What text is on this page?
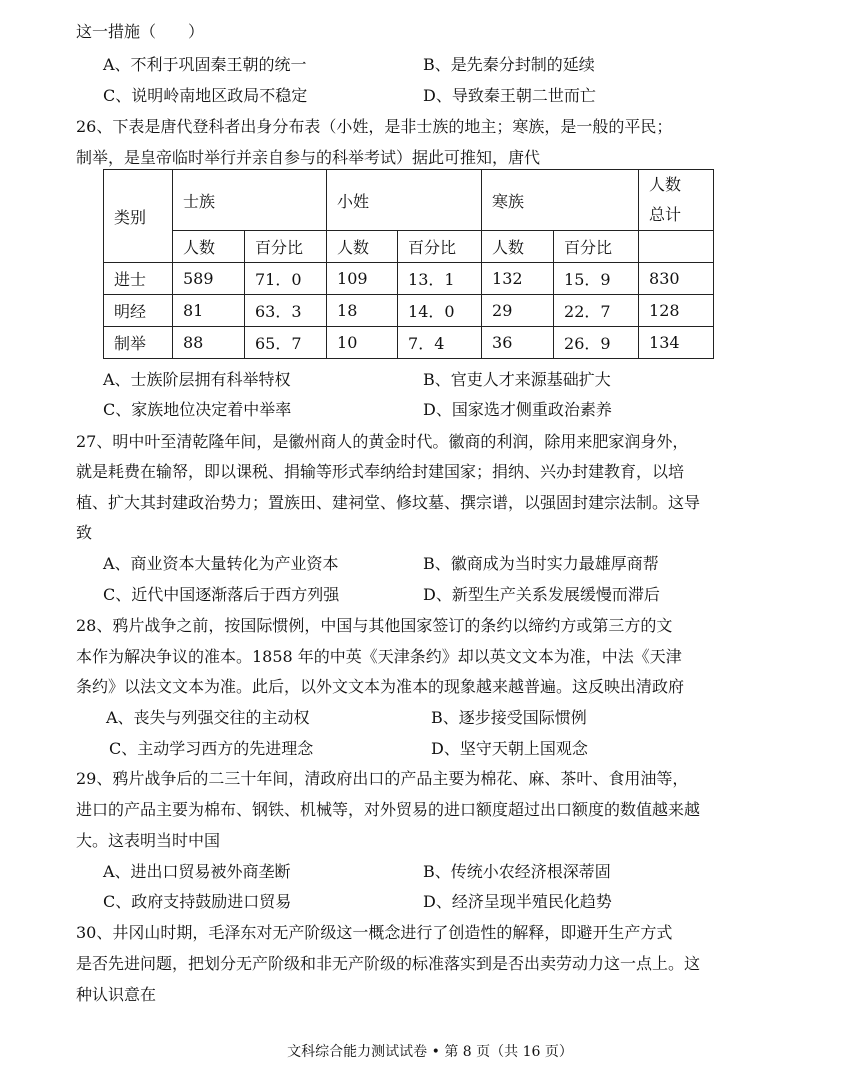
这一措施（　　）
A、不利于巩固秦王朝的统一	B、是先秦分封制的延续
C、说明岭南地区政局不稳定	D、导致秦王朝二世而亡
26、下表是唐代登科者出身分布表（小姓，是非士族的地主；寒族，是一般的平民；
制举，是皇帝临时举行并亲自参与的科举考试）据此可推知，唐代
类别	士族		小姓		寒族		人数
总计
	人数	百分比	人数	百分比	人数	百分比	
进士	589	71．0	109	13．1	132	15．9	830
明经	81	63．3	18	14．0	29	22．7	128
制举	88	65．7	10	7．4	36	26．9	134
A、士族阶层拥有科举特权	B、官吏人才来源基础扩大
C、家族地位决定着中举率	D、国家选才侧重政治素养
27、明中叶至清乾隆年间，是徽州商人的黄金时代。徽商的利润，除用来肥家润身外，
就是耗费在输帑，即以课税、捐输等形式奉纳给封建国家；捐纳、兴办封建教育，以培
植、扩大其封建政治势力；置族田、建祠堂、修坟墓、撰宗谱，以强固封建宗法制。这导
致
A、商业资本大量转化为产业资本	B、徽商成为当时实力最雄厚商帮
C、近代中国逐渐落后于西方列强	D、新型生产关系发展缓慢而滞后
28、鸦片战争之前，按国际惯例，中国与其他国家签订的条约以缔约方或第三方的文
本作为解决争议的准本。1858 年的中英《天津条约》却以英文文本为准，中法《天津
条约》以法文文本为准。此后，以外文文本为准本的现象越来越普遍。这反映出清政府
A、丧失与列强交往的主动权	B、逐步接受国际惯例
C、主动学习西方的先进理念	D、坚守天朝上国观念
29、鸦片战争后的二三十年间，清政府出口的产品主要为棉花、麻、茶叶、食用油等，
进口的产品主要为棉布、钢铁、机械等，对外贸易的进口额度超过出口额度的数值越来越
大。这表明当时中国
A、进出口贸易被外商垄断	B、传统小农经济根深蒂固
C、政府支持鼓励进口贸易	D、经济呈现半殖民化趋势
30、井冈山时期，毛泽东对无产阶级这一概念进行了创造性的解释，即避开生产方式
是否先进问题，把划分无产阶级和非无产阶级的标准落实到是否出卖劳动力这一点上。这
种认识意在
文科综合能力测试试卷 • 第 8 页（共 16 页）
